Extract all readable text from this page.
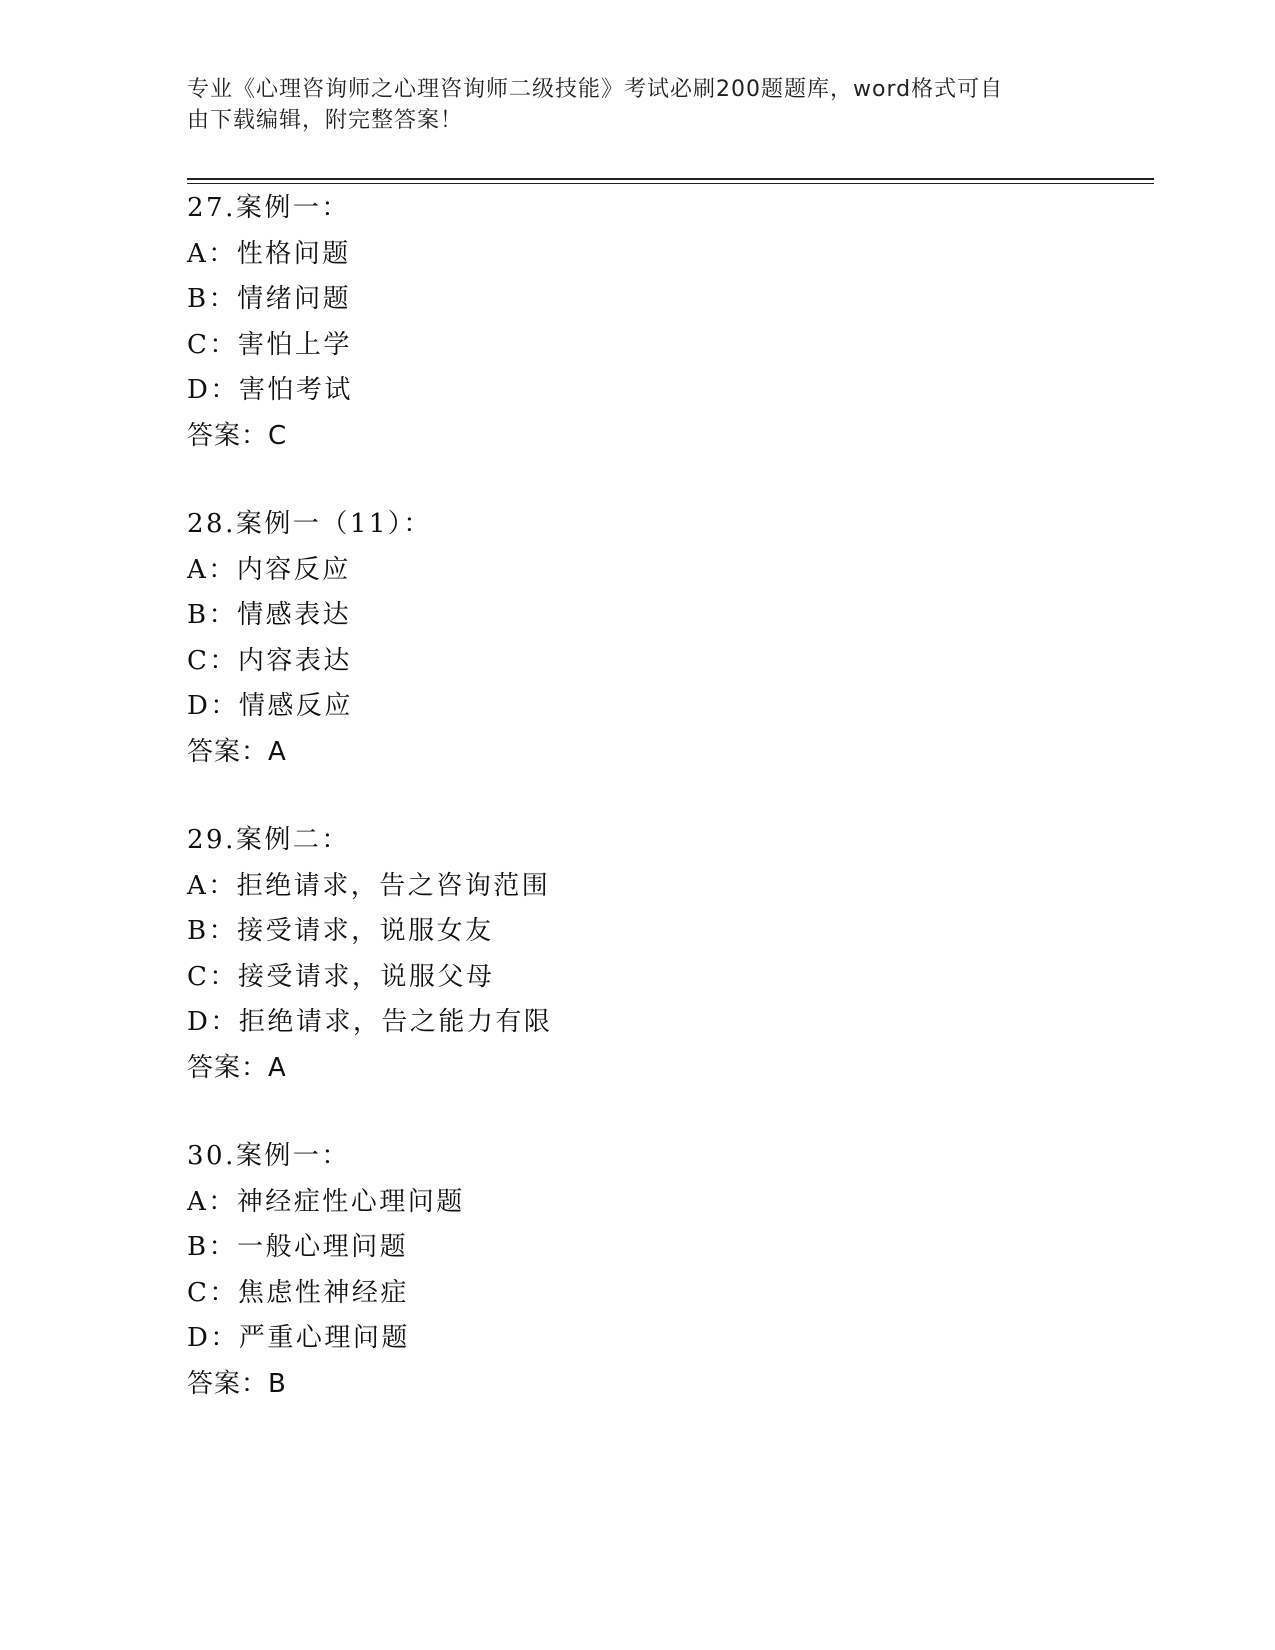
专业《心理咨询师之心理咨询师二级技能》考试必刷200题题库，word格式可自
由下载编辑，附完整答案！
27.案例一：
A：性格问题
B：情绪问题
C：害怕上学
D：害怕考试
答案：C
28.案例一（11）：
A：内容反应
B：情感表达
C：内容表达
D：情感反应
答案：A
29.案例二：
A：拒绝请求，告之咨询范围
B：接受请求，说服女友
C：接受请求，说服父母
D：拒绝请求，告之能力有限
答案：A
30.案例一：
A：神经症性心理问题
B：一般心理问题
C：焦虑性神经症
D：严重心理问题
答案：B
